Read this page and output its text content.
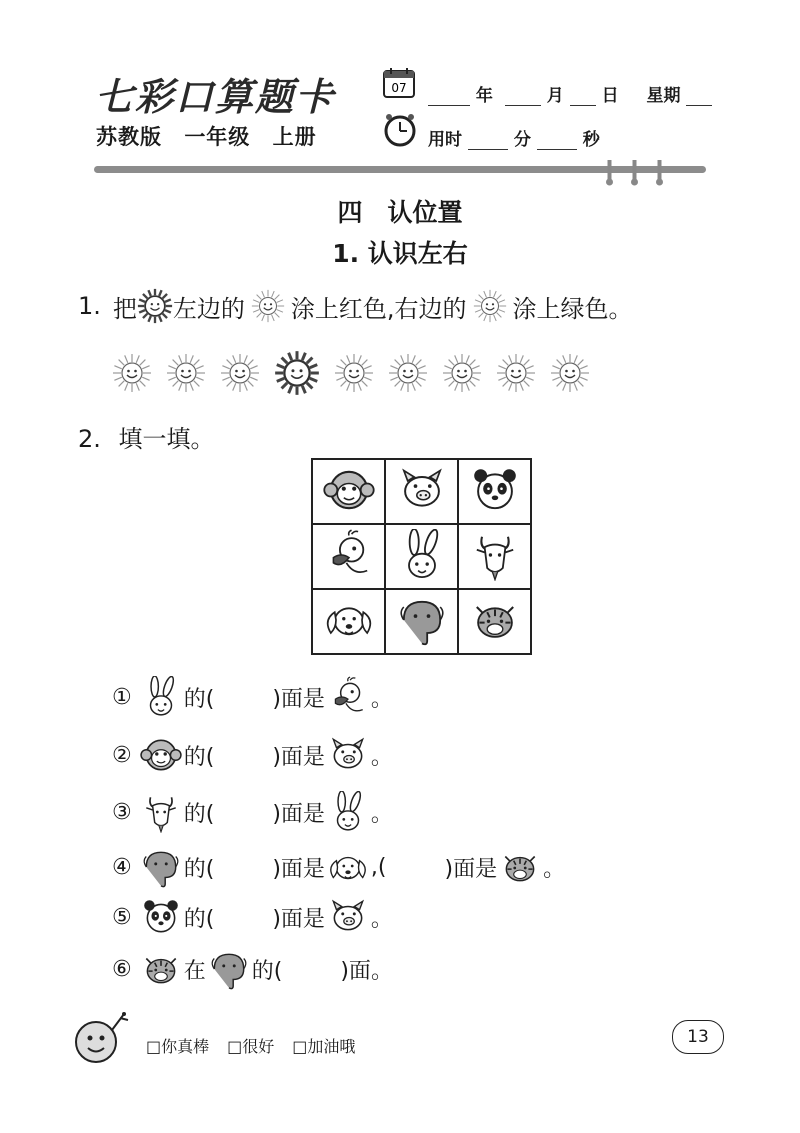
七彩口算题卡
苏教版 一年级 上册
07	年	月 日 星期
用时	分	秒
四　认位置
1. 认识左右
1. 把 左边的 涂上红色,右边的 涂上绿色。
2. 填一填。

① 的(	)面是 。
② 的(	)面是 。
③ 的(	)面是 。
④ 的(	)面是 ,(	)面是 。
⑤ 的(	)面是 。
⑥ 在 的(	)面 。
□你真棒 □很好 □加油哦	13
